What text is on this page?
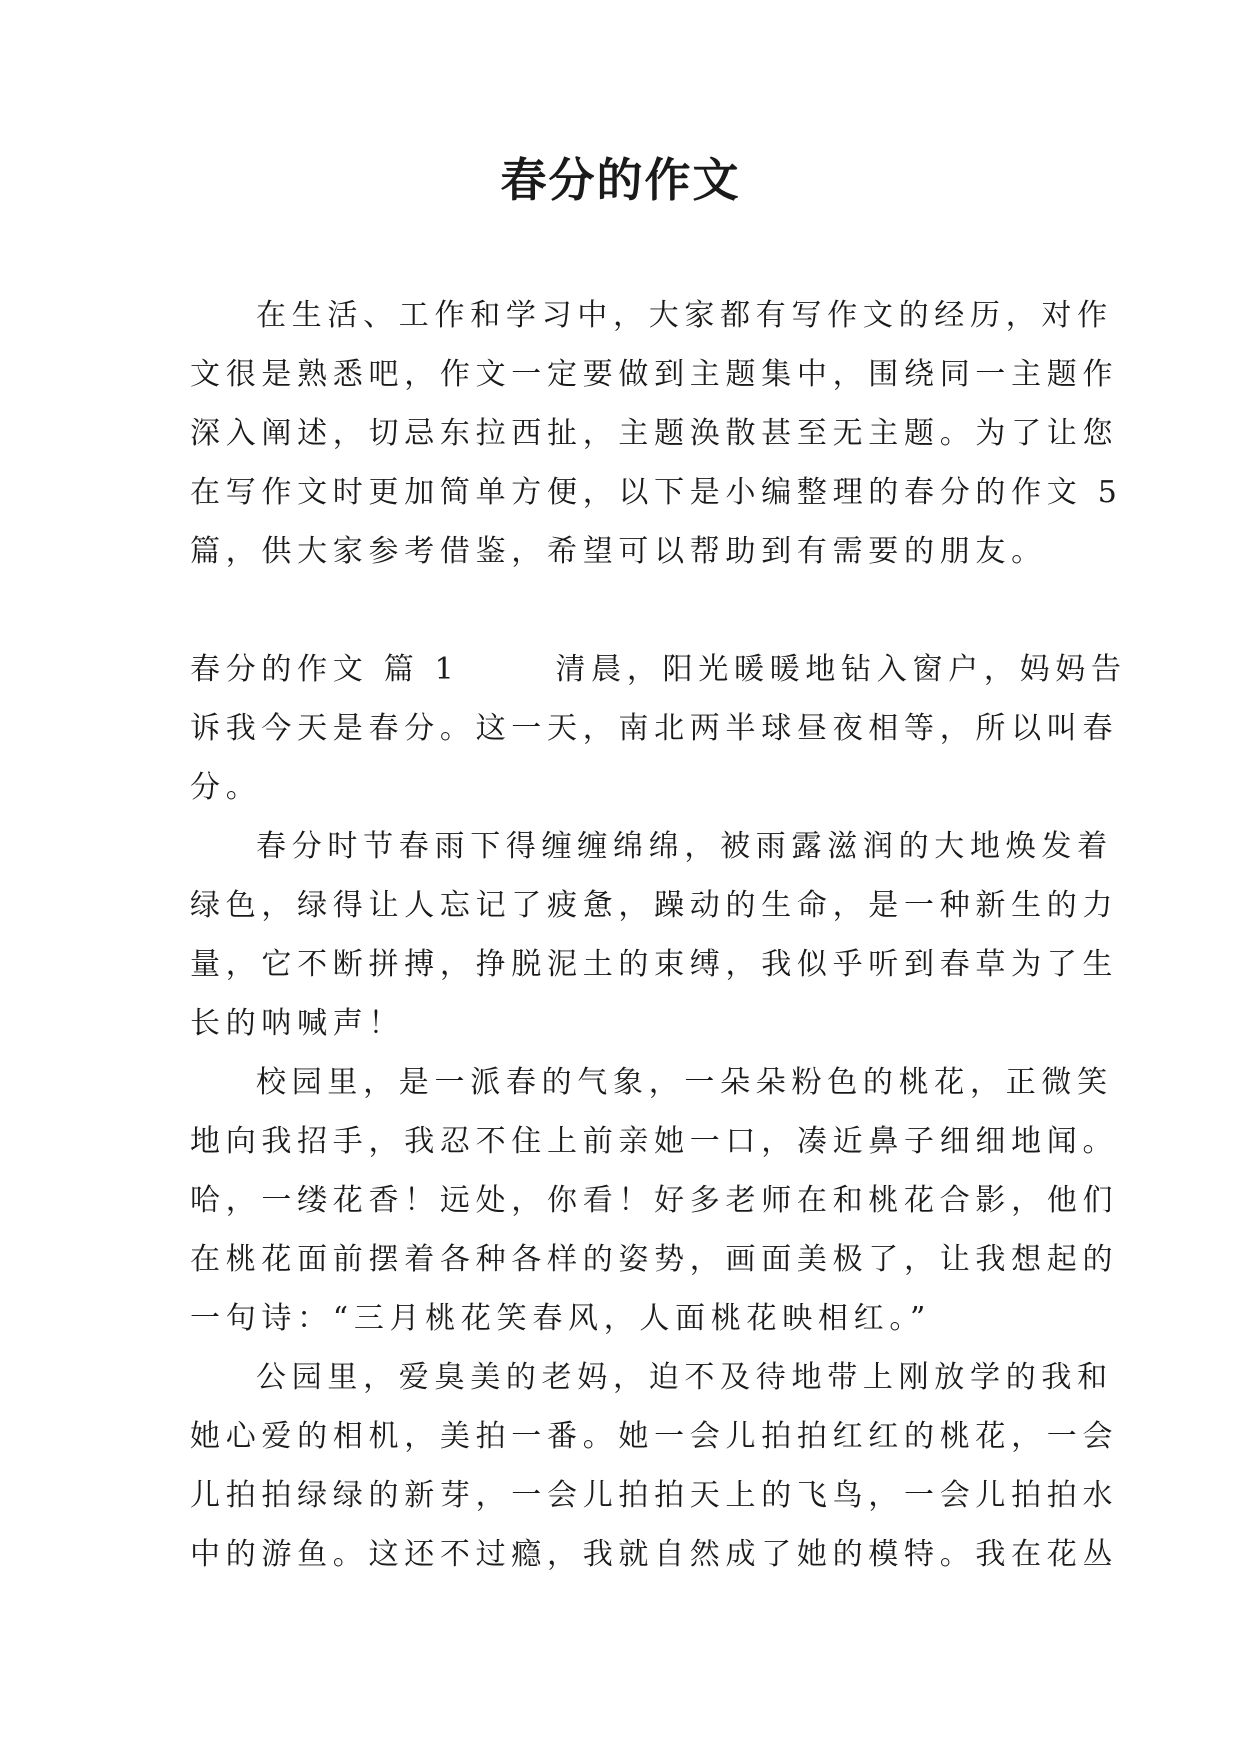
春分的作文
在生活、工作和学习中，大家都有写作文的经历，对作
文很是熟悉吧，作文一定要做到主题集中，围绕同一主题作
深入阐述，切忌东拉西扯，主题涣散甚至无主题。为了让您
在写作文时更加简单方便，以下是小编整理的春分的作文 5
篇，供大家参考借鉴，希望可以帮助到有需要的朋友。
春分的作文 篇 1	清晨，阳光暖暖地钻入窗户，妈妈告
诉我今天是春分。这一天，南北两半球昼夜相等，所以叫春
分。
春分时节春雨下得缠缠绵绵，被雨露滋润的大地焕发着
绿色，绿得让人忘记了疲惫，躁动的生命，是一种新生的力
量，它不断拼搏，挣脱泥土的束缚，我似乎听到春草为了生
长的呐喊声！
校园里，是一派春的气象，一朵朵粉色的桃花，正微笑
地向我招手，我忍不住上前亲她一口，凑近鼻子细细地闻。
哈，一缕花香！远处，你看！好多老师在和桃花合影，他们
在桃花面前摆着各种各样的姿势，画面美极了，让我想起的
一句诗：“三月桃花笑春风，人面桃花映相红。”
公园里，爱臭美的老妈，迫不及待地带上刚放学的我和
她心爱的相机，美拍一番。她一会儿拍拍红红的桃花，一会
儿拍拍绿绿的新芽，一会儿拍拍天上的飞鸟，一会儿拍拍水
中的游鱼。这还不过瘾，我就自然成了她的模特。我在花丛
